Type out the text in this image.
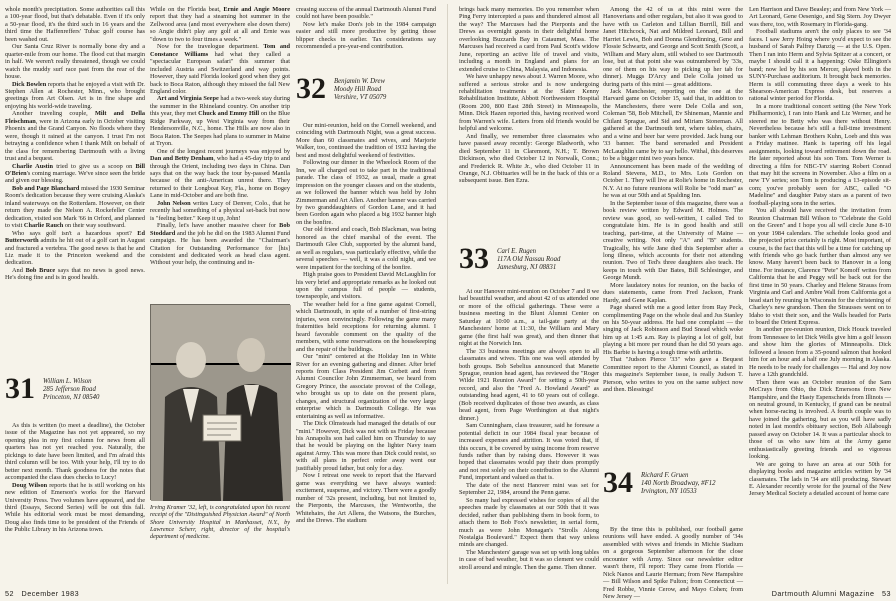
whole month's precipitation. Some authorities call this a 100-year flood, but that's debatable. Even if it's only a 50-year flood, it's the third such in 16 years and the third time the Haffenreffers' Tubac golf course has been washed out.

Our Santa Cruz River is normally bone dry and a quarter-mile from our home. The flood cut that margin in half. We weren't really threatened, though we could watch the muddy surf race past from the rear of the house.

Dick Bowlen reports that he enjoyed a visit with Dr. Stephen Allen at Rochester, Minn., who brought greetings from Art Olsen. Art is in fine shape and enjoying his world-wide traveling.

Another traveling couple, Milt and Della Fleischman, were in Arizona early in October visiting Phoenix and the Grand Canyon. No floods where they were, though it rained at the canyon. I trust I'm not betraying a confidence when I thank Milt on behalf of the class for remembering Dartmouth with a living trust and a bequest.

Charlie Austin tried to give us a scoop on Bill O'Brien's coming marriage. We've since seen the bride and given our blessing.

Bob and Page Blanchard missed the 1930 Seminar Room's dedication because they were cruising Alaska's inland waterways on the Rotterdam. However, on their return they made the Nelson A. Rockefeller Center dedication, visited son Mark '66 in Orford, and planned to visit Charlie Rauch on their way southward.

Who says golf isn't a hazardous sport? Ed Butterworth admits he hit out of a golf cart in August and fractured a vertebra. The good news is that he and Liz made it to the Princeton weekend and the dedication.

And Bob Bruce says that no news is good news. He's doing fine and is in good health.

31 William L. Wilson
285 Jefferson Road
Princeton, NJ 08540

As this is written (to meet a deadline), the October issue of the Magazine has not yet appeared, so my opening plea in my first column for news from all quarters has not yet reached you. Naturally, the pickings to date have been limited, and I'm afraid this third column will be too. With your help, I'll try to do better next month. Thank goodness for the notes that accompanied the class dues checks to Lucy!

Doug Wilson reports that he is still working on his new edition of Emerson's works for the Harvard University Press. Two volumes have appeared, and the third (Essays, Second Series) will be out this fall. While his editorial work must be most demanding, Doug also finds time to be president of the Friends of the Public Library in his Arizona town.

While on the Florida beat, Ernie and Angie Moore report that they had a steaming hot summer in the Zellwood area (and most everywhere else down there) so Angie didn't play any golf at all and Ernie was "down to two to four times a week."

Now for the travelogue department. Tom and Constance Williams had what they called a "spectacular European safari" this summer that included Austria and Switzerland and way points. However, they said Florida looked good when they got back to Boca Raton, although they missed the fall New England color.

Art and Virginia Seepe had a two-week stay during the summer in the Rhineland country. On another trip this year, they met Chuck and Emmy Hill on the Blue Ridge Parkway, up West Virginia way from their Hendersonville, N.C., home. The Hills are now also in Boca Raton. The Seepes had plans to summer in Maine at Tryon.

One of the longest recent journeys was enjoyed by Dan and Betty Denham, who had a 45-day trip to and through the Orient, including two days in China. Dan says that on the way back the tour by-passed Manila because of the anti-American unrest there. They returned to their Longboat Key, Fla., home on Bogey Lane in mid-October and are both fine.

John Nelson writes Lucy of Denver, Colo., that he recently had something of a physical set-back but now is "feeling better." Keep it up, John!

Finally, let's have another massive cheer for Bob Stoddard and the job he did on the 1983 Alumni Fund campaign. He has been awarded the "Chairman's Citation for Outstanding Performance for [his] consistent and dedicated work as head class agent. Without your help, the continuing and in-

Irving Kramer '32, left, is congratulated upon his recent receipt of the "Distinguished Physician Award" of North Shore University Hospital in Manhasset, N.Y., by Lawrence Scherr, right, director of the hospital's department of medicine.

creasing success of the annual Dartmouth Alumni Fund could not have been possible."

Now let's make Don's job in the 1984 campaign easier and still more productive by getting those blipper checks in earlier. Tax considerations say recommended a pre-year-end contribution.

32 Benjamin W. Drew
Moody Hill Road
Vershire, VT 05079

Our mini-reunion, held on the Cornell weekend, and coinciding with Dartmouth Night, was a great success. More than 60 classmates and wives, and Marjorie Walker, too, continued the tradition of 1932 having the best and most delightful weekend of festivities.

Following our dinner in the Wheelock Room of the Inn, we all charged out to take part in the traditional parade. The class of 1932, as usual, made a great impression on the younger classes and on the students, as we followed the banner which was held by John Zimmerman and Art Allen. Another banner was carried by two granddaughters of Gordon Lane, and it had been Gordon again who placed a big 1932 banner high on the bonfire.

Our old friend and coach, Bob Blackman, was being honored as the chief marshal of the event. The Dartmouth Glee Club, supported by the alumni band, as well as regulars, was particularly effective, while the several speeches — well, it was a cold night, and we were impatient for the torching of the bonfire.

High praise goes to President David McLaughlin for his very brief and appropriate remarks as he looked out upon the campus full of people — students, townspeople, and visitors.

The weather held for a fine game against Cornell, which Dartmouth, in spite of a number of first-string injuries, won convincingly. Following the game many fraternities held receptions for returning alumni. I heard favorable comment on the quality of the members, with some reservations on the housekeeping and the repair of the buildings.

Our "mini" centered at the Holiday Inn in White River for an evening gathering and dinner. After brief reports from Class President Jim Corbett and from Alumni Councilor John Zimmerman, we heard from Gregory Prince, the associate provost of the College, who brought us up to date on the present plans, changes, and structural organization of the very large enterprise which is Dartmouth College. He was entertaining as well as informative.

The Dick Olmsteads had managed the details of our "mini." However, Dick was not with us Friday because his Annapolis son had called him on Thursday to say that he would be playing on the lighter Navy team against Army. This was more than Dick could resist, so with all plans in perfect order away went our justifiably proud father, but only for a day.

Now I retreat one week to report that the Harvard game was everything we have always wanted: excitement, suspense, and victory. There were a goodly number of '32s present, including, but not limited to, the Pierponts, the Marcuses, the Wentworths, the Whitehairs, the Art Allens, the Watsons, the Burches, and the Drews. The stadium

brings back many memories. Do you remember when Ping Ferry intercepted a pass and thundered almost all the way? The Marcuses had the Pierponts and the Drews as overnight guests in their delightful home overlooking Buzzards Bay in Cataumet, Mass. The Marcuses had received a card from Paul Scott's widow June, reporting an active life of travel and visits, including a month in England and plans for an extended cruise to China, Malaysia, and Indonesia.

We have unhappy news about J. Warren Moore, who suffered a serious stroke and is now undergoing rehabilitation treatments at the Slater Kenny Rehabilitation Institute, Abbott Northwestern Hospital (Room 200, 800 East 28th Street) in Minneapolis, Minn. Dick Hazen reported this, having received word from Warren's wife. Letters from old friends would be helpful and welcome.

And finally, we remember three classmates who have passed away recently: George Bladworth, who died September 11 in Claremont, N.H.; T. Brown Dickinson, who died October 12 in Norwalk, Conn.; and Frederick R. White Jr., who died October 11 in Orange, N.J. Obituaries will be in the back of this or a subsequent issue. Ben Ezra.

33 Carl E. Rugen
117A Old Nassau Road
Jamesburg, NJ 08831

At our Hanover mini-reunion on October 7 and 8 we had beautiful weather, and about 42 of us attended one or more of the official gatherings. These were a business meeting in the Blunt Alumni Center on Saturday at 10:00 a.m., a tail-gate party at the Manchesters' home at 11:30, the William and Mary game (the first half was great), and then dinner that night at the Norwich Inn.

The 33 business meetings are always open to all classmates and wives. This one was well attended by both groups. Bob Sebelius announced that Manette Sprague, reunion head agent, has reviewed the "Roger Wilde 1921 Reunion Award" for setting a 50th-year record, and also the "Fred A. Howland Award" as outstanding head agent, 41 to 60 years out of college. (Bob received duplicates of those two awards, as class head agent, from Page Worthington at that night's dinner.)

Sam Cunningham, class treasurer, said he foresaw a potential deficit in our 1984 fiscal year because of increased expenses and attrition. It was voted that, if this occurs, it be covered by using income from reserve funds rather than by raising dues. However it was hoped that classmates would pay their dues promptly and not rest solely on their contribution to the Alumni Fund, important and valued as that is.

The date of the next Hanover mini was set for September 22, 1984, around the Penn game.

So many had expressed wishes for copies of all the speeches made by classmates at our 50th that it was decided, rather than publishing them in book form, to attach them to Bob Fox's newsletter, in serial form, much as were John Monagan's "Strolls Along Nostalgia Boulevard." Expect them that way unless minds are changed.

The Manchesters' garage was set up with long tables in case of bad weather, but it was so clement we could stroll around and mingle. Then the game. Then dinner.

Among the 42 of us at this mini were the Hanoverians and other regulars, but also it was good to have with us Carleton and Lillian Burrill, Bill and Janet Hitchcock, Nat and Mildred Leonard, Bill and Harriet Lewis, Bob and Donna Glendinning, Gene and Flossie Schwartz, and George and Scott Smith (Scott, a William and Mary alum, still wished to see Dartmouth lose, but at that point she was outnumbered by '33s, one of them on his way to picking up her tab for dinner). Muggs D'Arcy and Dele Colla joined us during parts of this mini — great additions.

Jack Manchester, reporting on the one at the Harvard game on October 15, said that, in addition to the Manchesters, there were Dele Colla and son, Coleman '58, Bob Mitchell, Ev Shineman, Mannie and Chilant Sprague, and Sid and Miriam Stoneman. All gathered at the Dartmouth tent, where tables, chairs, and a wine and beer bar were provided. Jack hung our '33 banner. The band serenaded and President McLaughlin came by to say hello. Withal, this deserves to be a bigger mini two years hence.

Announcement has been made of the wedding of Roland Stevens, M.D., to Mrs. Lois Gordon on October 1. They will live at Rolie's home in Rochester, N.Y. At no future reunions will Rolie be "odd man" as he was at our 50th and at Spalding Inn.

In the September issue of this magazine, there was a book review written by Edward M. Holmes. The review was good, so well-written, I called Ted to congratulate him. He is in good health and still teaching, part-time, at the University of Maine — creative writing. Not only "A" and "B" students. Tragically, his wife Jane died this September after a long illness, which accounts for their not attending reunion. Two of Ted's three daughters also teach. He keeps in touch with Dar Bates, Bill Schlesinger, and George Mundt.

More laudatory notes for reunion, on the backs of dues statements, came from Fred Jackson, Frank Hardy, and Gene Kaplan.

Page shared with me a good letter from Ray Peck, complimenting Page on the whole deal and Jus Stanley on his 50-year address. He had one complaint — the singing of Jack Robinson and Bud Snead which woke him up at 1:45 a.m. Ray is playing a lot of golf, but playing a bit more per round than he did 50 years ago. His Barbie is having a tough time with arthritis.

That "Judson Pierce '33" who gave a Bequest Committee report to the Alumni Council, as stated in this magazine's September issue, is really Judson T. Pierson, who writes to you on the same subject now and then. Blessings!

34 Richard F. Gruen
140 North Broadway, #F12
Irvington, NY 10533

By the time this is published, our football game reunions will have ended. A goodly number of '34s assembled with wives and friends in Michie Stadium on a gorgeous September afternoon for the close encounter with Army. Since our newsletter editor wasn't there, I'll report: They came from Florida — Nick Nanos and Laurie Herman; from New Hampshire — Bill Wilson and Spike Fulton; from Connecticut — Fred Robbe, Vinnie Cerow, and Mayo Cohen; from New Jersey —

Len Harrison and Dave Beasley; and from New York — Art Leonard, Gene Oesenigo, and Sig Stern. Joy Dwyer was there, too, with Rosemary in Florida-gang.

Football stadiums aren't the only places to see '34 faces. I saw Jerry Hoing where you'd expect to see the husband of Sarah Palfrey Danzig — at the U.S. Open. Then I ran into Herm and Sylvia Spitzer at a concert, or maybe I should call it a happening: Oske Ellington's band; now led by his son Mercer, played both in the SUNY-Purchase auditorium. It brought back memories. Herm is still commuting three days a week to his Shearson-American Express desk, but reserves a rational winter period for Florida.

In a more traditional concert setting (the New York Philharmonic), I ran into Hank and Liz Werner, and he steered me to Betty who was there without Henry. Nevertheless because he's still a full-time investment banker with Lehman Brothers Kuhn, Loeb and this was a Friday matinee. Hank is tapering off his legal assignments, looking toward retirement down the road. He later reported about his son Tom. Tom Werner is directing a film for NBC-TV starring Robert Conrad that may hit the screens in November. Also a film on a new TV series; son Tom is producing a 13-episode sit-com; you've probably seen for ABC, called "O Madeline" and daughter Patsy stars as a parent of two football-playing sons in the series.

You all should have received the invitation from Reunion Chairman Bill Wilson to "Celebrate the Gold on the Green" and I hope you all will circle June 8-10 on your 1984 calendars. The schedule looks good and the projected price certainly is right. Most important, of course, is the fact that this will be a time for catching up with friends who go back further than almost any we know. Many haven't been back to Hanover in a long time. For instance, Clarence "Pete" Komoff writes from California that he and Peggy will be back out for the first time in 50 years. Charley and Helene Strauss from Virginia and Carl and Ambre Wall from California got a head start by reuning in Wisconsin for the christening of Charley's new grandson. Then the Strausses went on to Idaho to visit their son, and the Walls headed for Paris to board the Orient Express.

In another pre-reunion reunion, Dick Houck traveled from Tennessee to let Dick Wells give him a golf lesson and show him the glories of Minneapolis. Dick followed a lesson from a 35-pound salmon that hooked him for an hour and a half one July morning in Alaska. He needs to be ready for challenges — Hal and Joy now have a 12th grandchild.

Then there was an October reunion of the Sam McCrays from Ohio, the Dick Emersons from New Hampshire, and the Hasty Espenscheids from Illinois — on neutral ground, in Kentucky, if grand can be neutral when horse-racing is involved. A fourth couple was to have joined the gathering, but as you will have sadly noted in last month's obituary section, Bob Allabough passed away on October 14. It was a particular shock to those of us who saw him at the Army game enthusiastically greeting friends and so vigorous looking.

We are going to have an area at our 50th for displaying books and magazine articles written by '34 classmates. The lads in '34 are still producing. Stewart E. Alexander recently wrote for the journal of the New Jersey Medical Society a detailed account of home care

52 December 1983	Dartmouth Alumni Magazine 53
